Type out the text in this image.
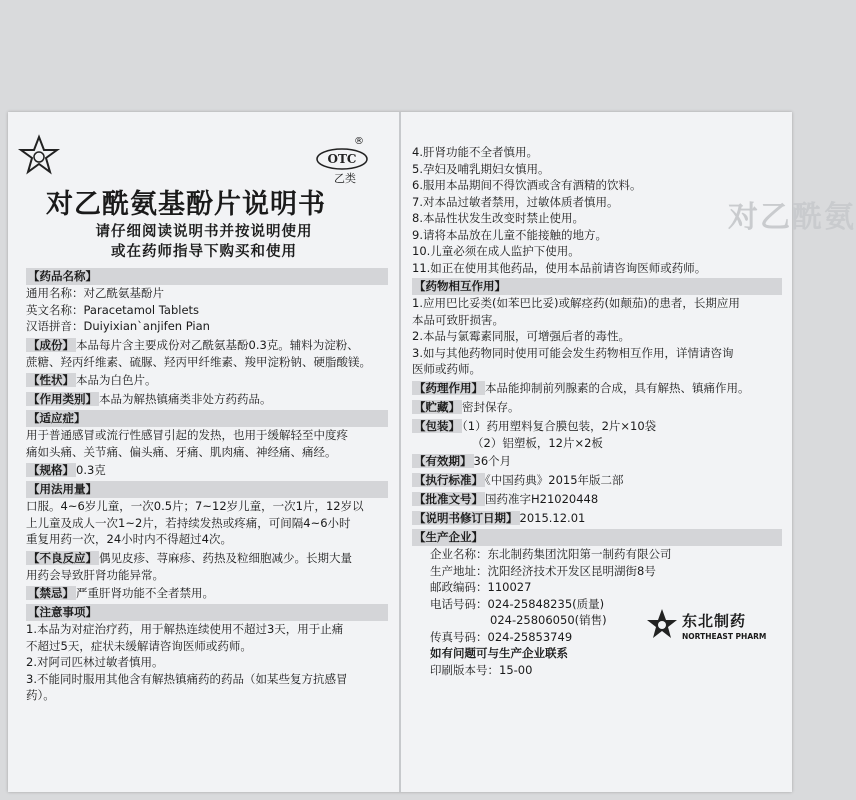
®
OTC
乙类
对乙酰氨基酚片说明书
请仔细阅读说明书并按说明使用
或在药师指导下购买和使用
【药品名称】
通用名称：对乙酰氨基酚片
英文名称：Paracetamol Tablets
汉语拼音：Duiyixian`anjifen Pian
【成份】 本品每片含主要成份对乙酰氨基酚0.3克。辅料为淀粉、
蔗糖、羟丙纤维素、硫脲、羟丙甲纤维素、羧甲淀粉钠、硬脂酸镁。
【性状】 本品为白色片。
【作用类别】 本品为解热镇痛类非处方药药品。
【适应症】
用于普通感冒或流行性感冒引起的发热，也用于缓解轻至中度疼
痛如头痛、关节痛、偏头痛、牙痛、肌肉痛、神经痛、痛经。
【规格】 0.3克
【用法用量】
口服。4~6岁儿童，一次0.5片；7~12岁儿童，一次1片，12岁以
上儿童及成人一次1~2片，若持续发热或疼痛，可间隔4~6小时
重复用药一次，24小时内不得超过4次。
【不良反应】 偶见皮疹、荨麻疹、药热及粒细胞减少。长期大量
用药会导致肝肾功能异常。
【禁忌】 严重肝肾功能不全者禁用。
【注意事项】
1.本品为对症治疗药，用于解热连续使用不超过3天，用于止痛
不超过5天，症状未缓解请咨询医师或药师。
2.对阿司匹林过敏者慎用。
3.不能同时服用其他含有解热镇痛药的药品（如某些复方抗感冒
药）。
对乙酰氨
4.肝肾功能不全者慎用。
5.孕妇及哺乳期妇女慎用。
6.服用本品期间不得饮酒或含有酒精的饮料。
7.对本品过敏者禁用，过敏体质者慎用。
8.本品性状发生改变时禁止使用。
9.请将本品放在儿童不能接触的地方。
10.儿童必须在成人监护下使用。
11.如正在使用其他药品，使用本品前请咨询医师或药师。
【药物相互作用】
1.应用巴比妥类(如苯巴比妥)或解痉药(如颠茄)的患者，长期应用
本品可致肝损害。
2.本品与氯霉素同服，可增强后者的毒性。
3.如与其他药物同时使用可能会发生药物相互作用，详情请咨询
医师或药师。
【药理作用】 本品能抑制前列腺素的合成，具有解热、镇痛作用。
【贮藏】 密封保存。
【包装】 （1）药用塑料复合膜包装，2片×10袋
（2）铝塑板，12片×2板
【有效期】 36个月
【执行标准】 《中国药典》2015年版二部
【批准文号】 国药准字H21020448
【说明书修订日期】 2015.12.01
【生产企业】
企业名称：东北制药集团沈阳第一制药有限公司
生产地址：沈阳经济技术开发区昆明湖街8号
邮政编码：110027
电话号码：024-25848235(质量)
024-25806050(销售)
传真号码：024-25853749
如有问题可与生产企业联系
印刷版本号：15-00
东北制药
NORTHEAST PHARM
